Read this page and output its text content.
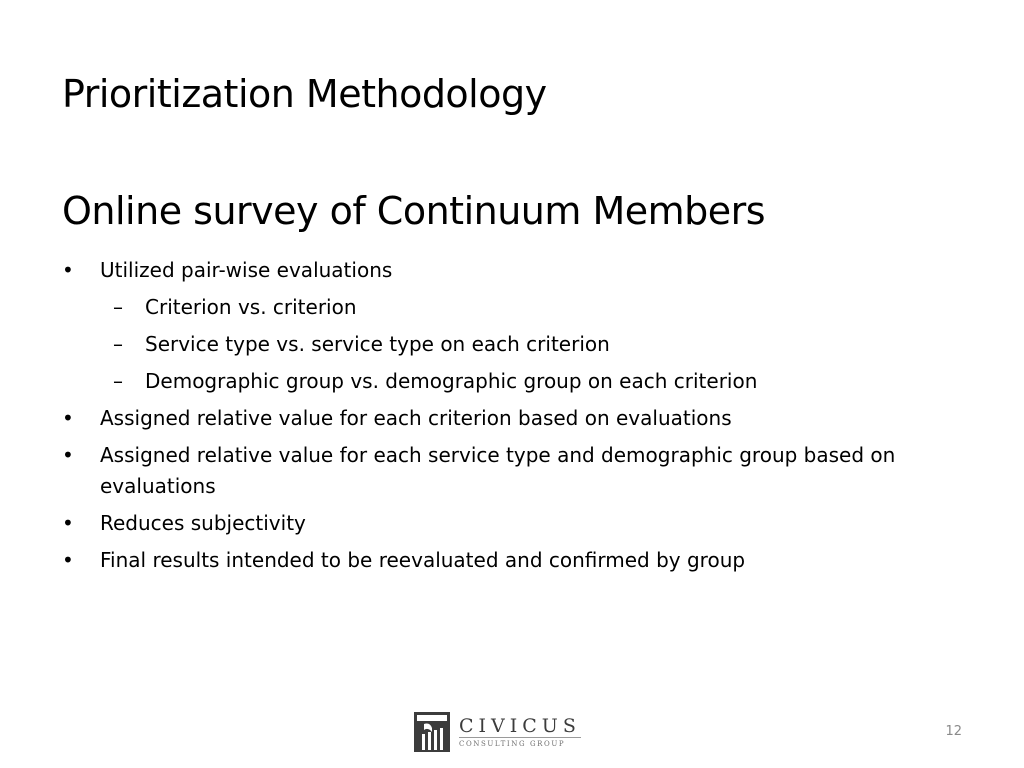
Prioritization Methodology
Online survey of Continuum Members
•	Utilized pair-wise evaluations
–	Criterion vs. criterion
–	Service type vs. service type on each criterion
–	Demographic group vs. demographic group on each criterion
•	Assigned relative value for each criterion based on evaluations
•	Assigned relative value for each service type and demographic group based on evaluations
•	Reduces subjectivity
•	Final results intended to be reevaluated and confirmed by group
CIVICUS
CONSULTING GROUP
12
